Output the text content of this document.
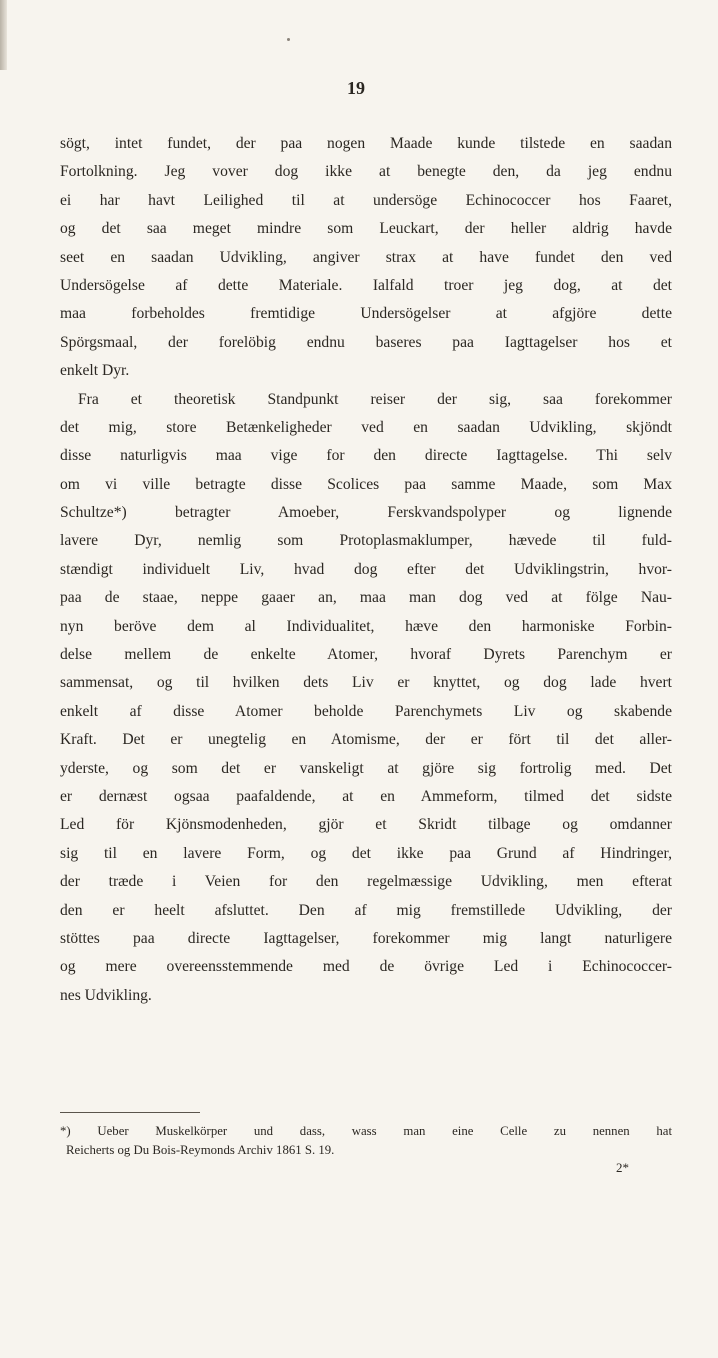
19
sögt, intet fundet, der paa nogen Maade kunde tilstede en saadan
Fortolkning. Jeg vover dog ikke at benegte den, da jeg endnu
ei har havt Leilighed til at undersöge Echinococcer hos Faaret,
og det saa meget mindre som Leuckart, der heller aldrig havde
seet en saadan Udvikling, angiver strax at have fundet den ved
Undersögelse af dette Materiale. Ialfald troer jeg dog, at det
maa forbeholdes fremtidige Undersögelser at afgjöre dette
Spörgsmaal, der forelöbig endnu baseres paa Iagttagelser hos et
enkelt Dyr.
Fra et theoretisk Standpunkt reiser der sig, saa forekommer
det mig, store Betænkeligheder ved en saadan Udvikling, skjöndt
disse naturligvis maa vige for den directe Iagttagelse. Thi selv
om vi ville betragte disse Scolices paa samme Maade, som Max
Schultze*) betragter Amoeber, Ferskvandspolyper og lignende
lavere Dyr, nemlig som Protoplasmaklumper, hævede til fuld-
stændigt individuelt Liv, hvad dog efter det Udviklingstrin, hvor-
paa de staae, neppe gaaer an, maa man dog ved at fölge Nau-
nyn beröve dem al Individualitet, hæve den harmoniske Forbin-
delse mellem de enkelte Atomer, hvoraf Dyrets Parenchym er
sammensat, og til hvilken dets Liv er knyttet, og dog lade hvert
enkelt af disse Atomer beholde Parenchymets Liv og skabende
Kraft. Det er unegtelig en Atomisme, der er fört til det aller-
yderste, og som det er vanskeligt at gjöre sig fortrolig med. Det
er dernæst ogsaa paafaldende, at en Ammeform, tilmed det sidste
Led för Kjönsmodenheden, gjör et Skridt tilbage og omdanner
sig til en lavere Form, og det ikke paa Grund af Hindringer,
der træde i Veien for den regelmæssige Udvikling, men efterat
den er heelt afsluttet. Den af mig fremstillede Udvikling, der
stöttes paa directe Iagttagelser, forekommer mig langt naturligere
og mere overeensstemmende med de övrige Led i Echinococcer-
nes Udvikling.
*) Ueber Muskelkörper und dass, wass man eine Celle zu nennen hat
Reicherts og Du Bois-Reymonds Archiv 1861 S. 19.
2*
